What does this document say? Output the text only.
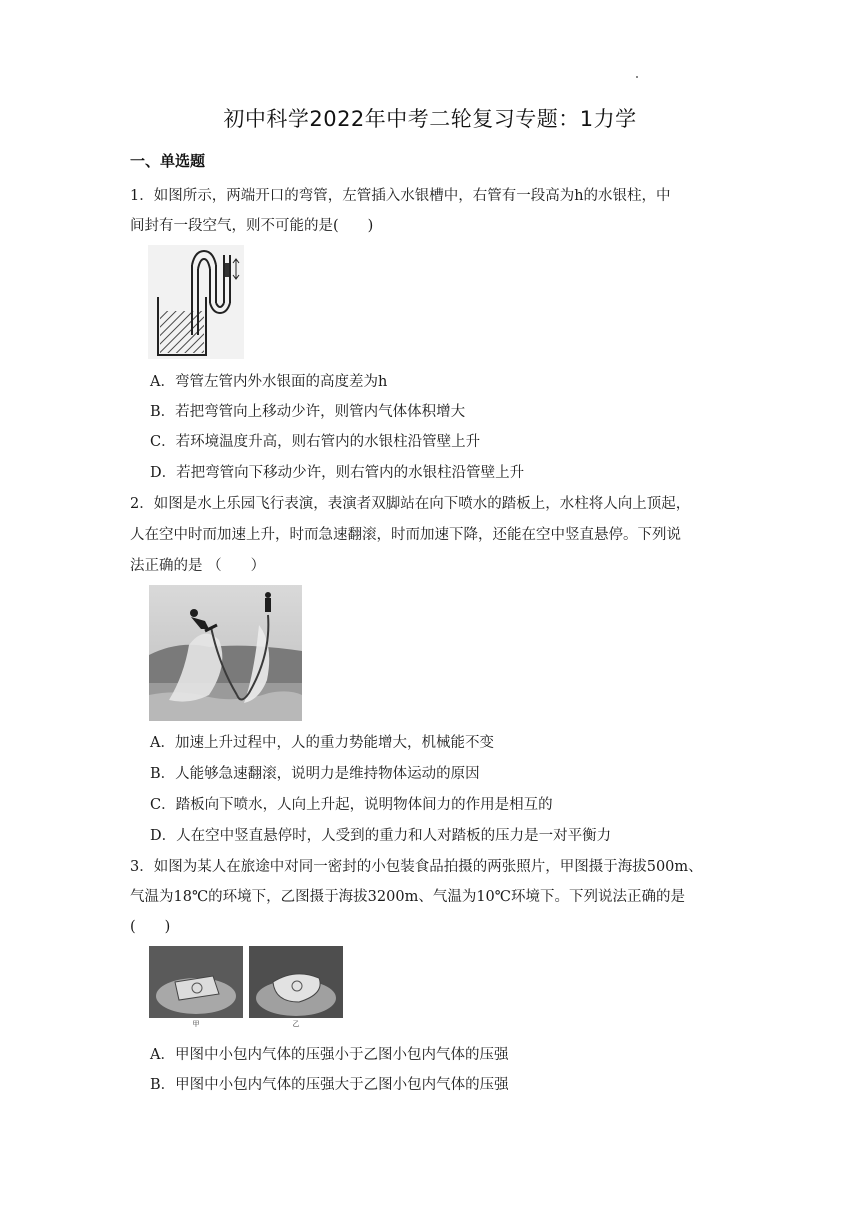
初中科学2022年中考二轮复习专题：1力学
一、单选题
1．如图所示，两端开口的弯管，左管插入水银槽中，右管有一段高为h的水银柱，中
间封有一段空气，则不可能的是(　　)
A．弯管左管内外水银面的高度差为h
B．若把弯管向上移动少许，则管内气体体积增大
C．若环境温度升高，则右管内的水银柱沿管壁上升
D．若把弯管向下移动少许，则右管内的水银柱沿管壁上升
2．如图是水上乐园飞行表演，表演者双脚站在向下喷水的踏板上，水柱将人向上顶起，
人在空中时而加速上升，时而急速翻滚，时而加速下降，还能在空中竖直悬停。下列说
法正确的是 （　　）
A．加速上升过程中，人的重力势能增大，机械能不变
B．人能够急速翻滚，说明力是维持物体运动的原因
C．踏板向下喷水，人向上升起，说明物体间力的作用是相互的
D．人在空中竖直悬停时，人受到的重力和人对踏板的压力是一对平衡力
3．如图为某人在旅途中对同一密封的小包装食品拍摄的两张照片，甲图摄于海拔500m、
气温为18℃的环境下，乙图摄于海拔3200m、气温为10℃环境下。下列说法正确的是
(　　)
甲	乙
A．甲图中小包内气体的压强小于乙图小包内气体的压强
B．甲图中小包内气体的压强大于乙图小包内气体的压强
